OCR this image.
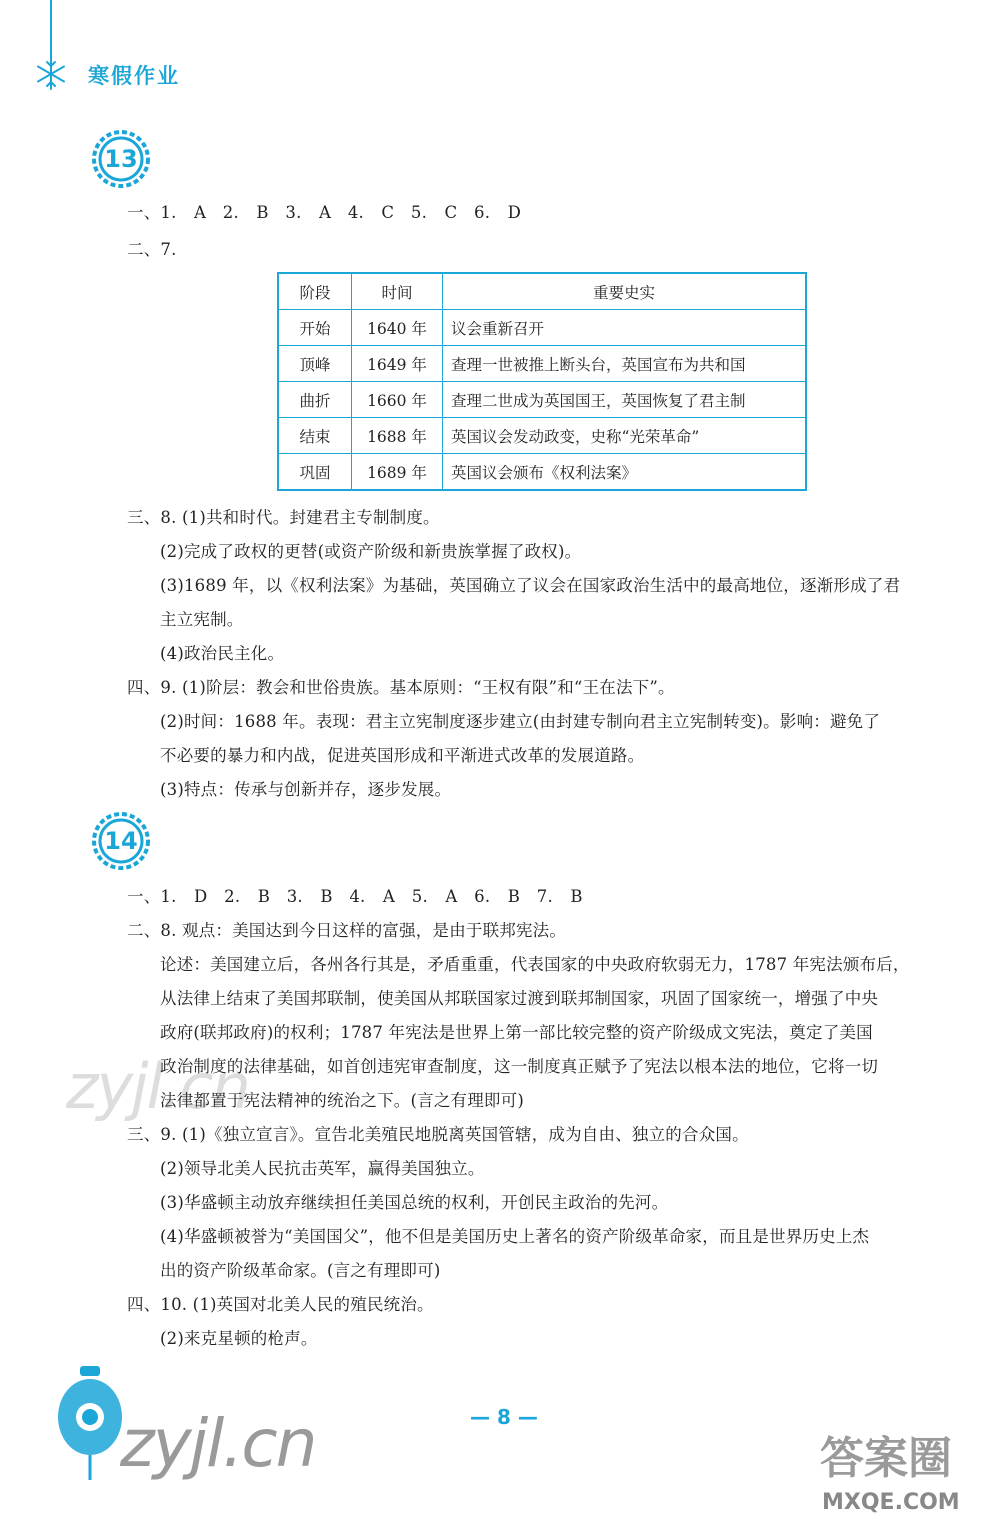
寒假作业
13
一、1. A　2. B　3. A　4. C　5. C　6. D
二、7.
阶段	时间	重要史实
开始	1640 年	议会重新召开
顶峰	1649 年	查理一世被推上断头台，英国宣布为共和国
曲折	1660 年	查理二世成为英国国王，英国恢复了君主制
结束	1688 年	英国议会发动政变，史称“光荣革命”
巩固	1689 年	英国议会颁布《权利法案》
三、8. (1)共和时代。封建君主专制制度。
(2)完成了政权的更替(或资产阶级和新贵族掌握了政权)。
(3)1689 年，以《权利法案》为基础，英国确立了议会在国家政治生活中的最高地位，逐渐形成了君
主立宪制。
(4)政治民主化。
四、9. (1)阶层：教会和世俗贵族。基本原则：“王权有限”和“王在法下”。
(2)时间：1688 年。表现：君主立宪制度逐步建立(由封建专制向君主立宪制转变)。影响：避免了
不必要的暴力和内战，促进英国形成和平渐进式改革的发展道路。
(3)特点：传承与创新并存，逐步发展。
14
一、1. D　2. B　3. B　4. A　5. A　6. B　7. B
二、8. 观点：美国达到今日这样的富强，是由于联邦宪法。
论述：美国建立后，各州各行其是，矛盾重重，代表国家的中央政府软弱无力，1787 年宪法颁布后，
从法律上结束了美国邦联制，使美国从邦联国家过渡到联邦制国家，巩固了国家统一，增强了中央
政府(联邦政府)的权利；1787 年宪法是世界上第一部比较完整的资产阶级成文宪法，奠定了美国
政治制度的法律基础，如首创违宪审查制度，这一制度真正赋予了宪法以根本法的地位，它将一切
法律都置于宪法精神的统治之下。(言之有理即可)
三、9. (1)《独立宣言》。宣告北美殖民地脱离英国管辖，成为自由、独立的合众国。
(2)领导北美人民抗击英军，赢得美国独立。
(3)华盛顿主动放弃继续担任美国总统的权利，开创民主政治的先河。
(4)华盛顿被誉为“美国国父”，他不但是美国历史上著名的资产阶级革命家，而且是世界历史上杰
出的资产阶级革命家。(言之有理即可)
四、10. (1)英国对北美人民的殖民统治。
(2)来克星顿的枪声。
zyjl.cn
— 8 —
zyjl.cn	答案圈
MXQE.COM
